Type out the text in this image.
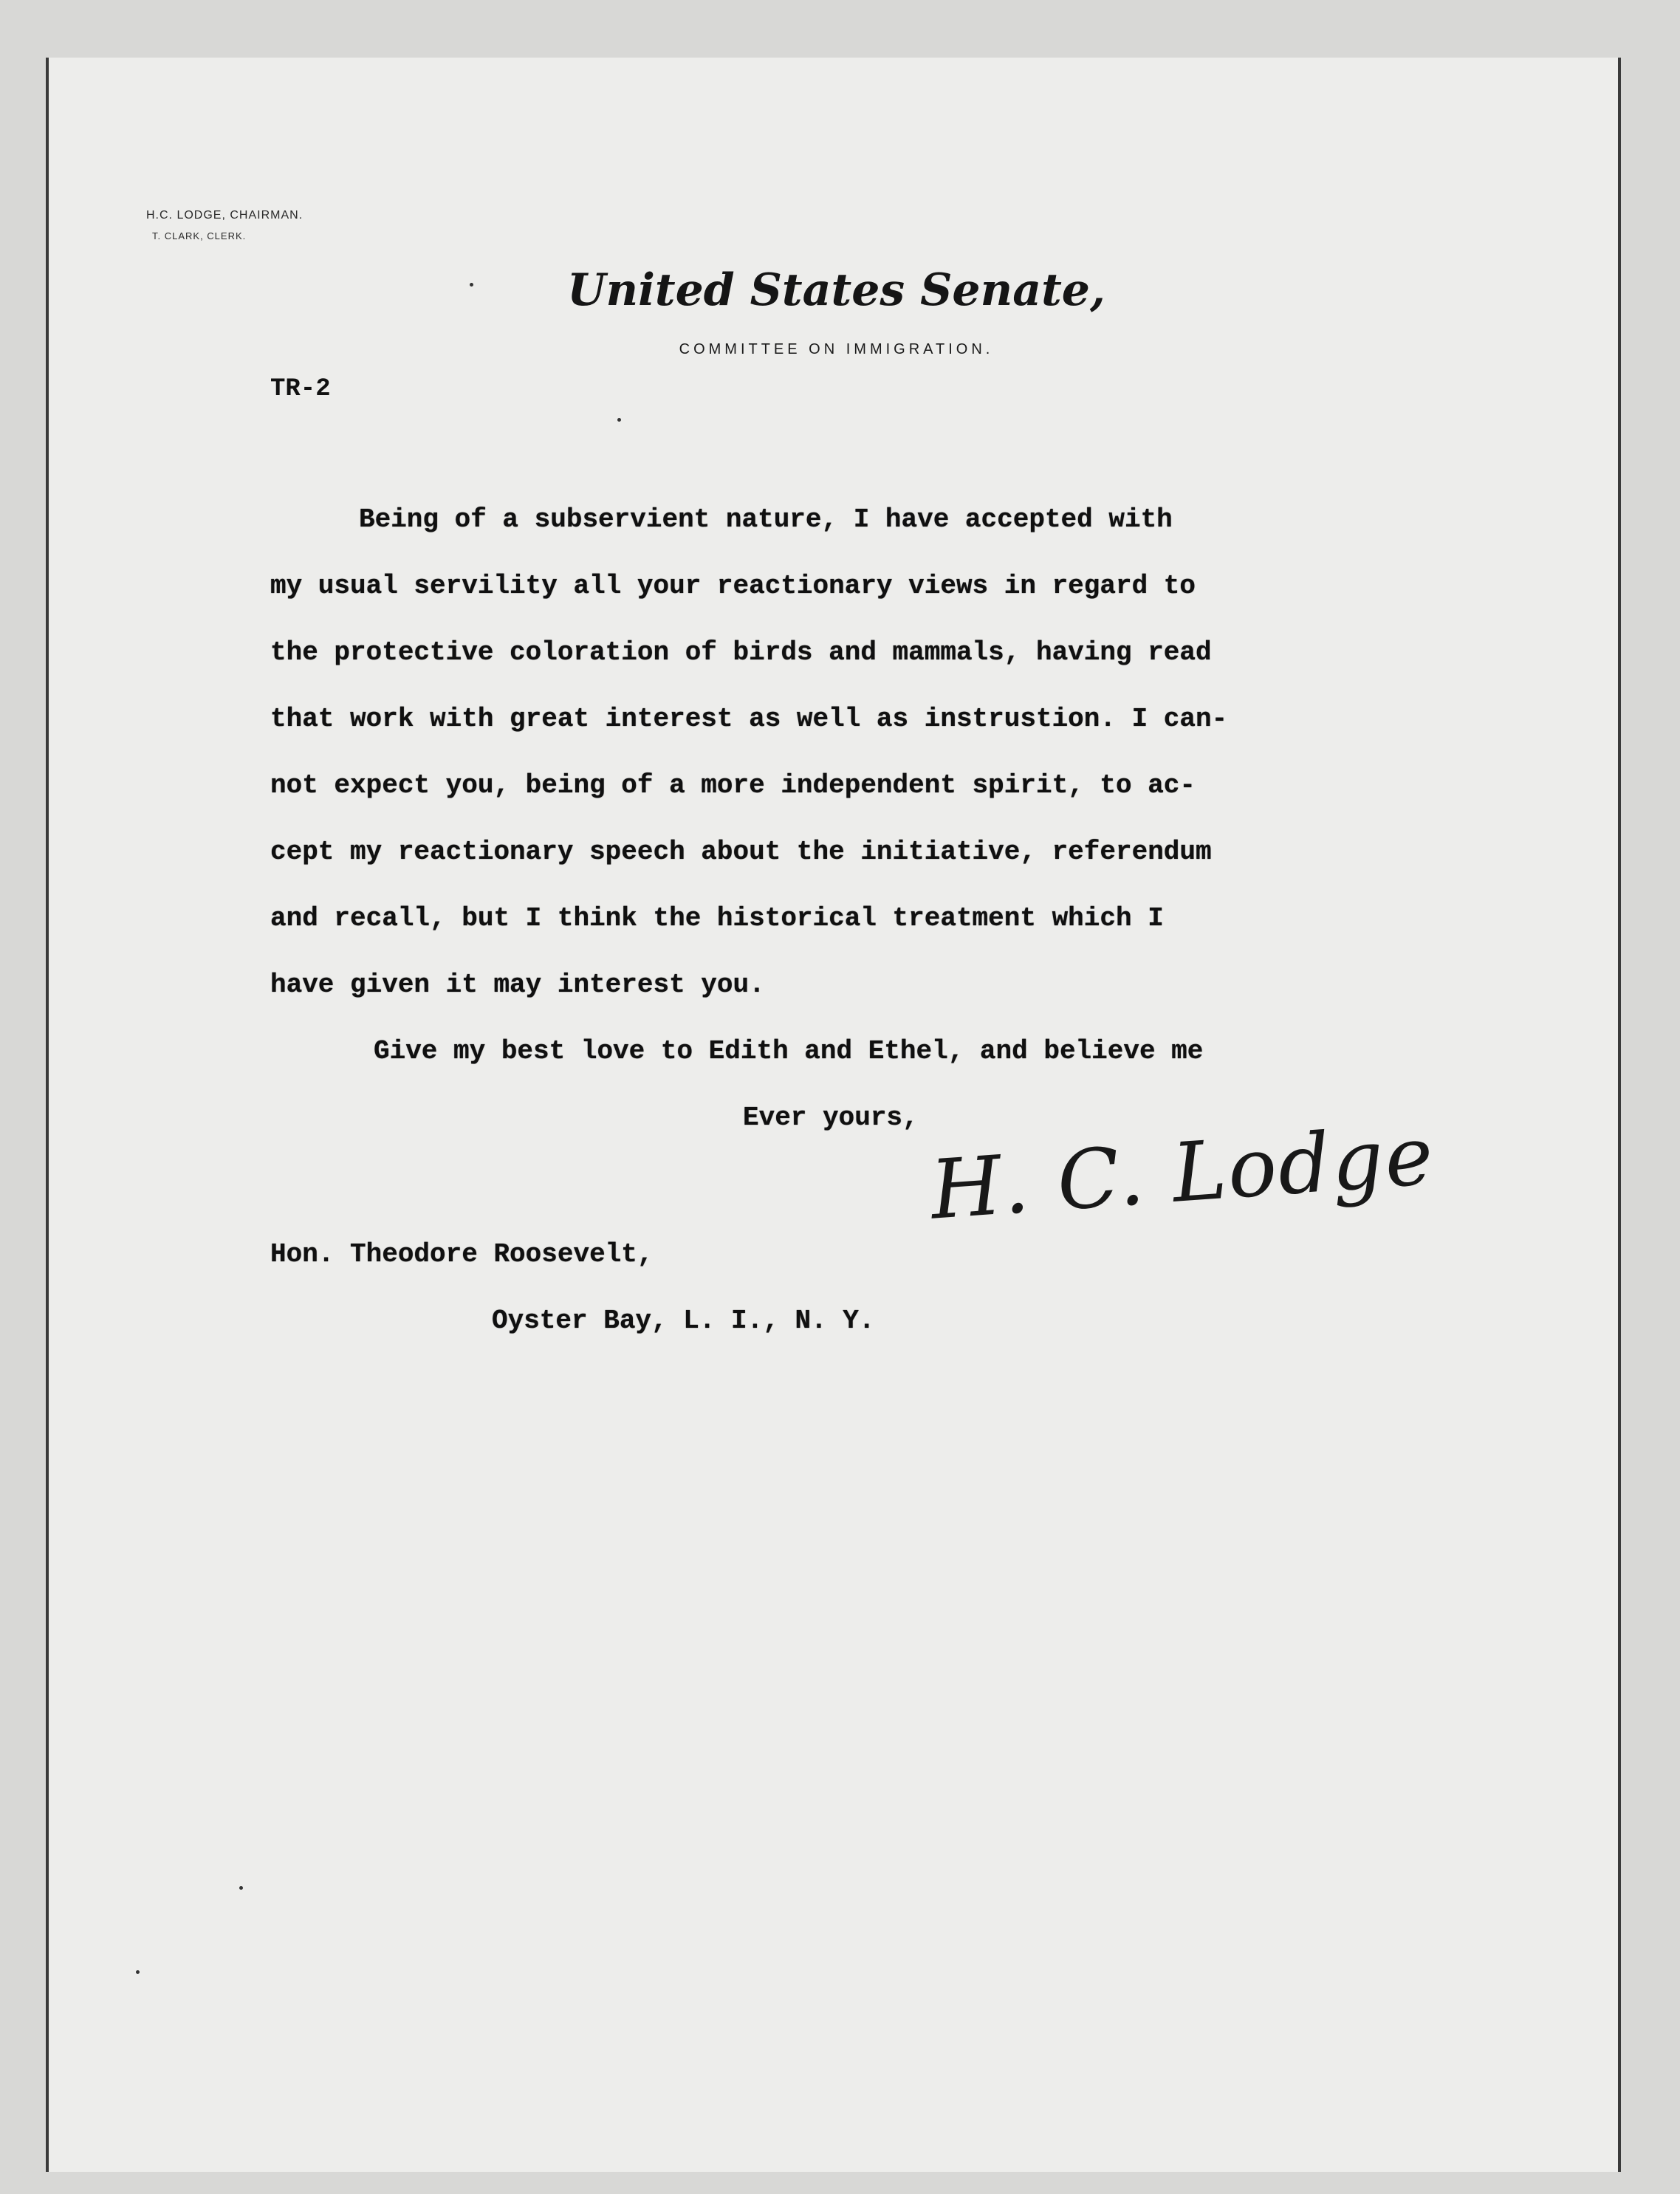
H.C. LODGE, CHAIRMAN.
T. CLARK, CLERK.
United States Senate,
COMMITTEE ON IMMIGRATION.
TR-2
Being of a subservient nature, I have accepted with
my usual servility all your reactionary views in regard to
the protective coloration of birds and mammals, having read
that work with great interest as well as instrustion. I can-
not expect you, being of a more independent spirit, to ac-
cept my reactionary speech about the initiative, referendum
and recall, but I think the historical treatment which I
have given it may interest you.
Give my best love to Edith and Ethel, and believe me
Ever yours, H. C. Lodge
Hon. Theodore Roosevelt,
Oyster Bay, L. I., N. Y.
